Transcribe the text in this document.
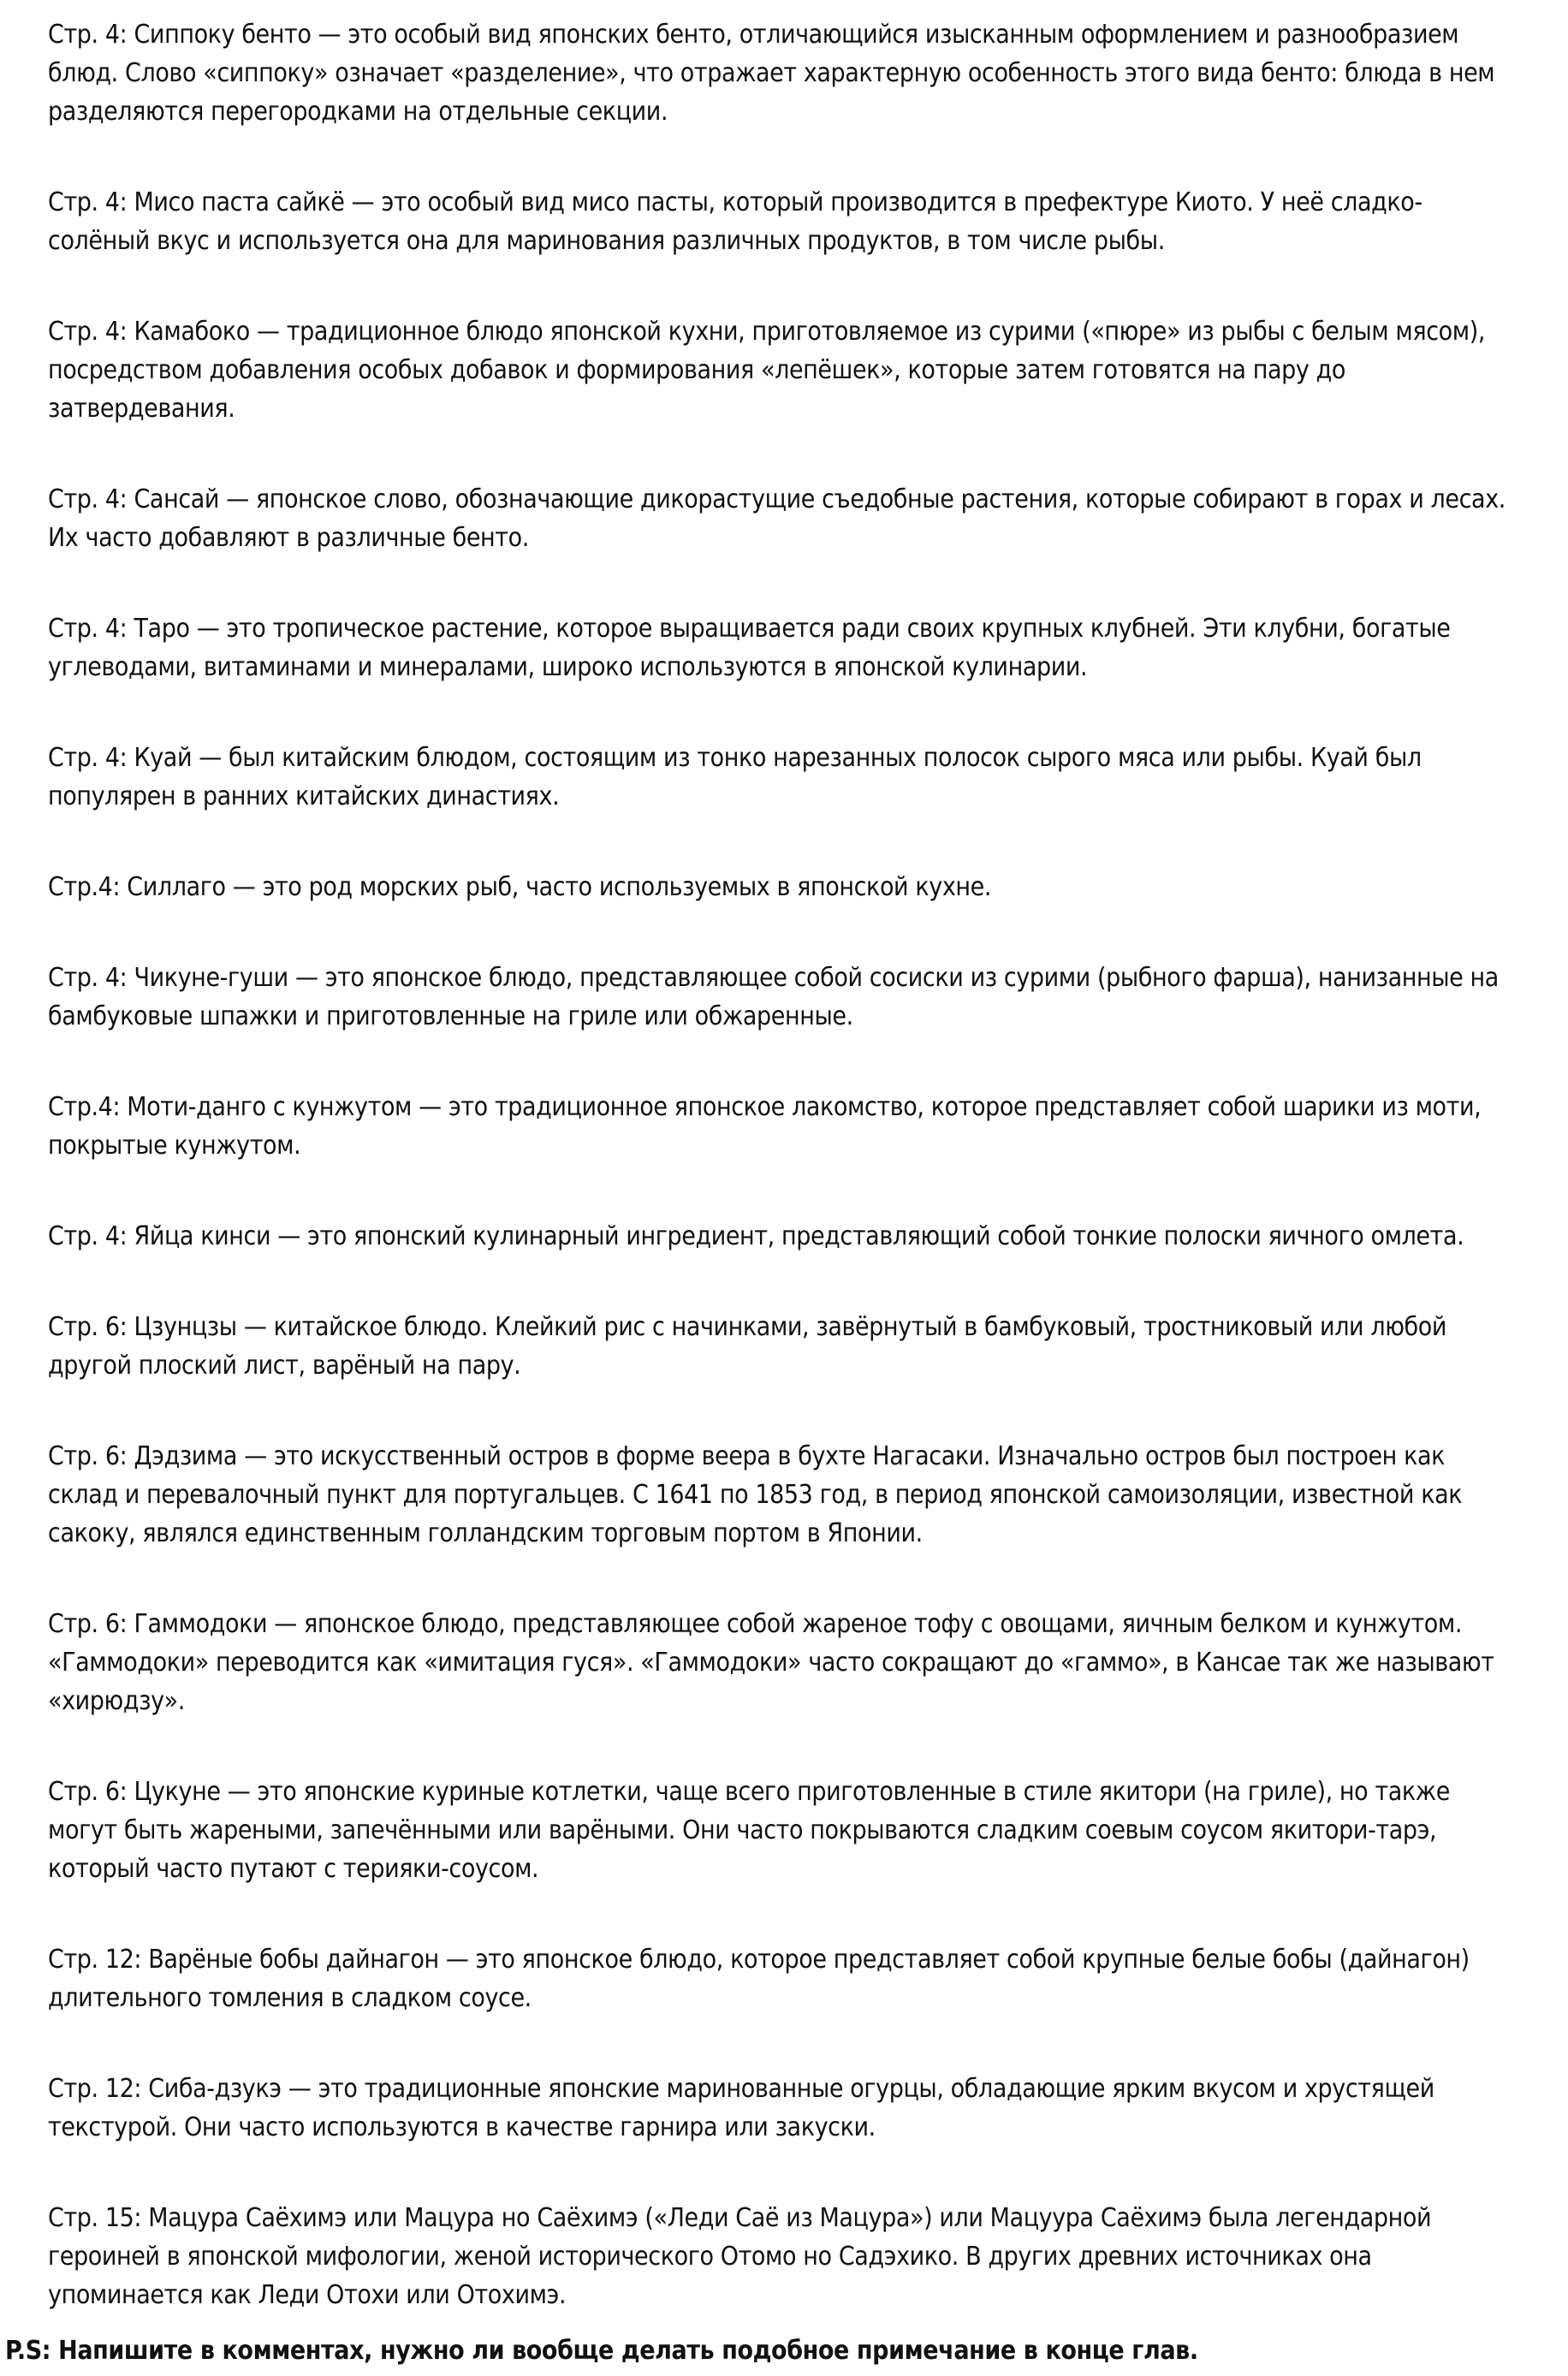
Стр. 4: Сиппоку бенто — это особый вид японских бенто, отличающийся изысканным оформлением и разнообразием блюд. Слово «сиппоку» означает «разделение», что отражает характерную особенность этого вида бенто: блюда в нем разделяются перегородками на отдельные секции.

Стр. 4: Мисо паста сайкё — это особый вид мисо пасты, который производится в префектуре Киото. У неё сладко-солёный вкус и используется она для маринования различных продуктов, в том числе рыбы.

Стр. 4: Камабоко — традиционное блюдо японской кухни, приготовляемое из сурими («пюре» из рыбы с белым мясом), посредством добавления особых добавок и формирования «лепёшек», которые затем готовятся на пару до затвердевания.

Стр. 4: Сансай — японское слово, обозначающие дикорастущие съедобные растения, которые собирают в горах и лесах. Их часто добавляют в различные бенто.

Стр. 4: Таро — это тропическое растение, которое выращивается ради своих крупных клубней. Эти клубни, богатые углеводами, витаминами и минералами, широко используются в японской кулинарии.

Стр. 4: Куай — был китайским блюдом, состоящим из тонко нарезанных полосок сырого мяса или рыбы. Куай был популярен в ранних китайских династиях.

Стр.4: Силлаго — это род морских рыб, часто используемых в японской кухне.

Стр. 4: Чикуне-гуши — это японское блюдо, представляющее собой сосиски из сурими (рыбного фарша), нанизанные на бамбуковые шпажки и приготовленные на гриле или обжаренные.

Стр.4: Моти-данго с кунжутом — это традиционное японское лакомство, которое представляет собой шарики из моти, покрытые кунжутом.

Стр. 4: Яйца кинси — это японский кулинарный ингредиент, представляющий собой тонкие полоски яичного омлета.

Стр. 6: Цзунцзы — китайское блюдо. Клейкий рис с начинками, завёрнутый в бамбуковый, тростниковый или любой другой плоский лист, варёный на пару.

Стр. 6: Дэдзима — это искусственный остров в форме веера в бухте Нагасаки. Изначально остров был построен как склад и перевалочный пункт для португальцев. С 1641 по 1853 год, в период японской самоизоляции, известной как сакоку, являлся единственным голландским торговым портом в Японии.

Стр. 6: Гаммодоки — японское блюдо, представляющее собой жареное тофу с овощами, яичным белком и кунжутом. «Гаммодоки» переводится как «имитация гуся». «Гаммодоки» часто сокращают до «гаммо», в Кансае так же называют «хирюдзу».

Стр. 6: Цукуне — это японские куриные котлетки, чаще всего приготовленные в стиле якитори (на гриле), но также могут быть жареными, запечёнными или варёными. Они часто покрываются сладким соевым соусом якитори-тарэ, который часто путают с терияки-соусом.

Стр. 12: Варёные бобы дайнагон — это японское блюдо, которое представляет собой крупные белые бобы (дайнагон) длительного томления в сладком соусе.

Стр. 12: Сиба-дзукэ — это традиционные японские маринованные огурцы, обладающие ярким вкусом и хрустящей текстурой. Они часто используются в качестве гарнира или закуски.

Стр. 15: Мацура Саёхимэ или Мацура но Саёхимэ («Леди Саё из Мацура») или Мацуура Саёхимэ была легендарной героиней в японской мифологии, женой исторического Отомо но Садэхико. В других древних источниках она упоминается как Леди Отохи или Отохимэ.

P.S: Напишите в комментах, нужно ли вообще делать подобное примечание в конце глав.
